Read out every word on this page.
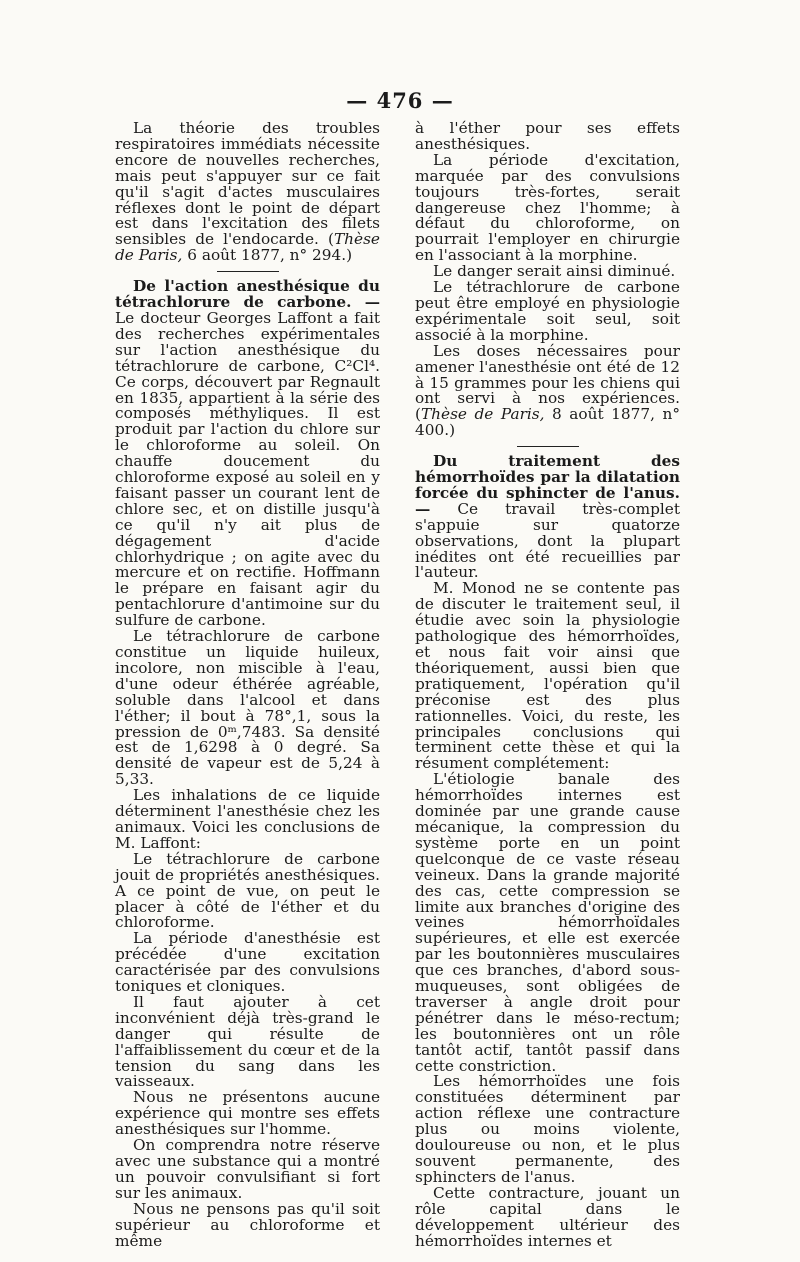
— 476 —

La théorie des troubles respiratoires immédiats nécessite encore de nouvelles recherches, mais peut s'appuyer sur ce fait qu'il s'agit d'actes musculaires réflexes dont le point de départ est dans l'excitation des filets sensibles de l'endocarde. (Thèse de Paris, 6 août 1877, n° 294.)

De l'action anesthésique du tétrachlorure de carbone. — Le docteur Georges Laffont a fait des recherches expérimentales sur l'action anesthésique du tétrachlorure de carbone, C²Cl⁴. Ce corps, découvert par Regnault en 1835, appartient à la série des composés méthyliques. Il est produit par l'action du chlore sur le chloroforme au soleil. On chauffe doucement du chloroforme exposé au soleil en y faisant passer un courant lent de chlore sec, et on distille jusqu'à ce qu'il n'y ait plus de dégagement d'acide chlorhydrique ; on agite avec du mercure et on rectifie. Hoffmann le prépare en faisant agir du pentachlorure d'antimoine sur du sulfure de carbone.

Le tétrachlorure de carbone constitue un liquide huileux, incolore, non miscible à l'eau, d'une odeur éthérée agréable, soluble dans l'alcool et dans l'éther; il bout à 78°,1, sous la pression de 0ᵐ,7483. Sa densité est de 1,6298 à 0 degré. Sa densité de vapeur est de 5,24 à 5,33.

Les inhalations de ce liquide déterminent l'anesthésie chez les animaux. Voici les conclusions de M. Laffont:

Le tétrachlorure de carbone jouit de propriétés anesthésiques. A ce point de vue, on peut le placer à côté de l'éther et du chloroforme.

La période d'anesthésie est précédée d'une excitation caractérisée par des convulsions toniques et cloniques.

Il faut ajouter à cet inconvénient déjà très-grand le danger qui résulte de l'affaiblissement du cœur et de la tension du sang dans les vaisseaux.

Nous ne présentons aucune expérience qui montre ses effets anesthésiques sur l'homme.

On comprendra notre réserve avec une substance qui a montré un pouvoir convulsifiant si fort sur les animaux.

Nous ne pensons pas qu'il soit supérieur au chloroforme et même

à l'éther pour ses effets anesthésiques.

La période d'excitation, marquée par des convulsions toujours très-fortes, serait dangereuse chez l'homme; à défaut du chloroforme, on pourrait l'employer en chirurgie en l'associant à la morphine.

Le danger serait ainsi diminué.

Le tétrachlorure de carbone peut être employé en physiologie expérimentale soit seul, soit associé à la morphine.

Les doses nécessaires pour amener l'anesthésie ont été de 12 à 15 grammes pour les chiens qui ont servi à nos expériences. (Thèse de Paris, 8 août 1877, n° 400.)

Du traitement des hémorrhoïdes par la dilatation forcée du sphincter de l'anus.— Ce travail très-complet s'appuie sur quatorze observations, dont la plupart inédites ont été recueillies par l'auteur.

M. Monod ne se contente pas de discuter le traitement seul, il étudie avec soin la physiologie pathologique des hémorrhoïdes, et nous fait voir ainsi que théoriquement, aussi bien que pratiquement, l'opération qu'il préconise est des plus rationnelles. Voici, du reste, les principales conclusions qui terminent cette thèse et qui la résument complétement:

L'étiologie banale des hémorrhoïdes internes est dominée par une grande cause mécanique, la compression du système porte en un point quelconque de ce vaste réseau veineux. Dans la grande majorité des cas, cette compression se limite aux branches d'origine des veines hémorrhoïdales supérieures, et elle est exercée par les boutonnières musculaires que ces branches, d'abord sous-muqueuses, sont obligées de traverser à angle droit pour pénétrer dans le méso-rectum; les boutonnières ont un rôle tantôt actif, tantôt passif dans cette constriction.

Les hémorrhoïdes une fois constituées déterminent par action réflexe une contracture plus ou moins violente, douloureuse ou non, et le plus souvent permanente, des sphincters de l'anus.

Cette contracture, jouant un rôle capital dans le développement ultérieur des hémorrhoïdes internes et
